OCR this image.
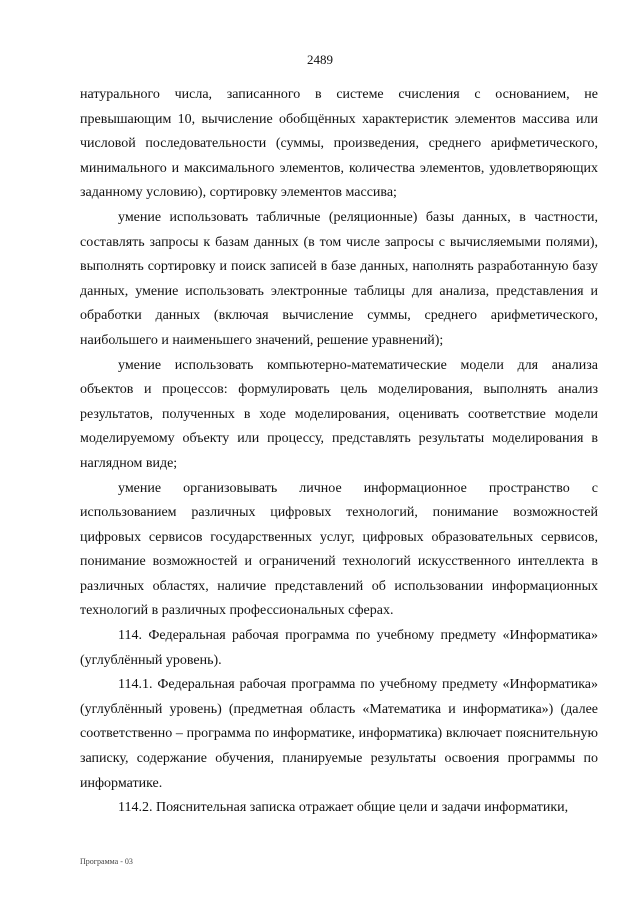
2489

натурального числа, записанного в системе счисления с основанием, не превышающим 10, вычисление обобщённых характеристик элементов массива или числовой последовательности (суммы, произведения, среднего арифметического, минимального и максимального элементов, количества элементов, удовлетворяющих заданному условию), сортировку элементов массива;

умение использовать табличные (реляционные) базы данных, в частности, составлять запросы к базам данных (в том числе запросы с вычисляемыми полями), выполнять сортировку и поиск записей в базе данных, наполнять разработанную базу данных, умение использовать электронные таблицы для анализа, представления и обработки данных (включая вычисление суммы, среднего арифметического, наибольшего и наименьшего значений, решение уравнений);

умение использовать компьютерно-математические модели для анализа объектов и процессов: формулировать цель моделирования, выполнять анализ результатов, полученных в ходе моделирования, оценивать соответствие модели моделируемому объекту или процессу, представлять результаты моделирования в наглядном виде;

умение организовывать личное информационное пространство с использованием различных цифровых технологий, понимание возможностей цифровых сервисов государственных услуг, цифровых образовательных сервисов, понимание возможностей и ограничений технологий искусственного интеллекта в различных областях, наличие представлений об использовании информационных технологий в различных профессиональных сферах.

114. Федеральная рабочая программа по учебному предмету «Информатика» (углублённый уровень).

114.1. Федеральная рабочая программа по учебному предмету «Информатика» (углублённый уровень) (предметная область «Математика и информатика») (далее соответственно – программа по информатике, информатика) включает пояснительную записку, содержание обучения, планируемые результаты освоения программы по информатике.

114.2. Пояснительная записка отражает общие цели и задачи информатики,

Программа - 03
